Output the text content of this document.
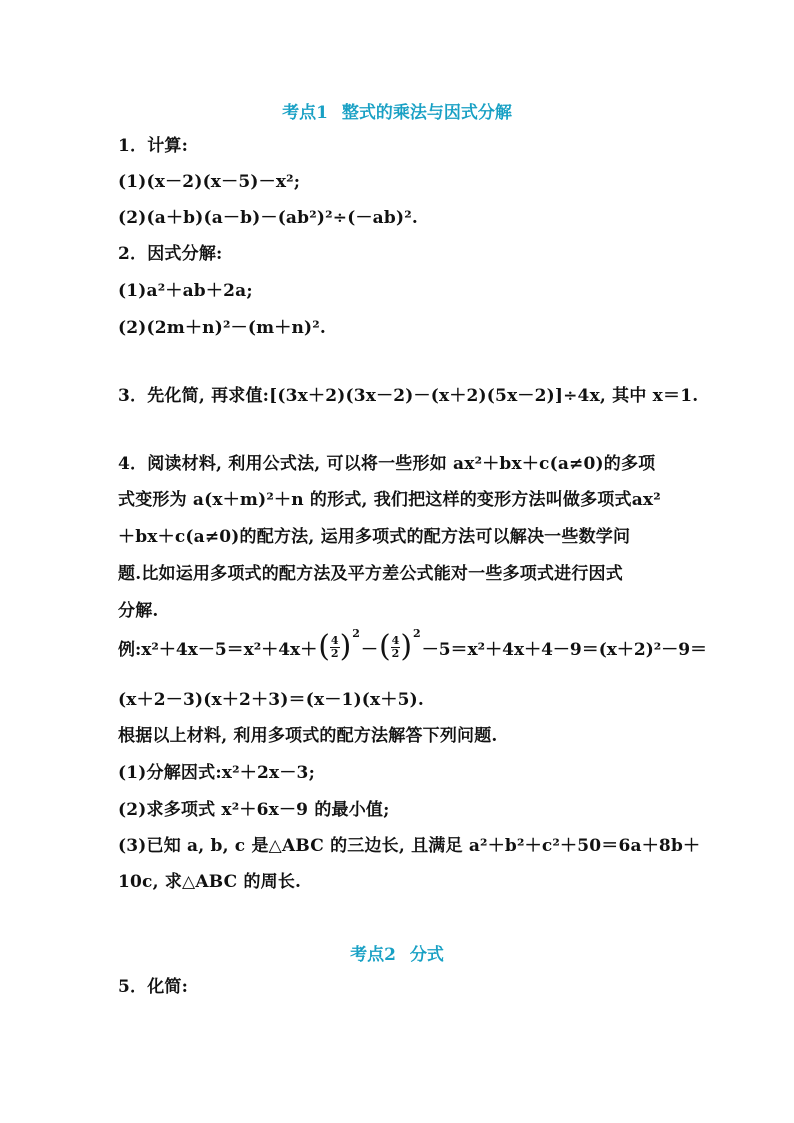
考点1 整式的乘法与因式分解
1．计算:
(1)(x－2)(x－5)－x²;
(2)(a＋b)(a－b)－(ab²)²÷(－ab)².
2．因式分解:
(1)a²＋ab＋2a;
(2)(2m＋n)²－(m＋n)².
3．先化简, 再求值:[(3x＋2)(3x－2)－(x＋2)(5x－2)]÷4x, 其中 x＝1.
4．阅读材料, 利用公式法, 可以将一些形如 ax²＋bx＋c(a≠0)的多项
式变形为 a(x＋m)²＋n 的形式, 我们把这样的变形方法叫做多项式ax²
＋bx＋c(a≠0)的配方法, 运用多项式的配方法可以解决一些数学问
题.比如运用多项式的配方法及平方差公式能对一些多项式进行因式
分解.
例:x²＋4x－5＝x²＋4x＋ ( $\frac{4}{2}$ ) 2
－ ( $\frac{4}{2}$ ) 2
－5＝x²＋4x＋4－9＝(x＋2)²－9＝
(x＋2－3)(x＋2＋3)＝(x－1)(x＋5).
根据以上材料, 利用多项式的配方法解答下列问题.
(1)分解因式:x²＋2x－3;
(2)求多项式 x²＋6x－9 的最小值;
(3)已知 a, b, c 是△ABC 的三边长, 且满足 a²＋b²＋c²＋50＝6a＋8b＋
10c, 求△ABC 的周长.
考点2 分式
5．化简:
